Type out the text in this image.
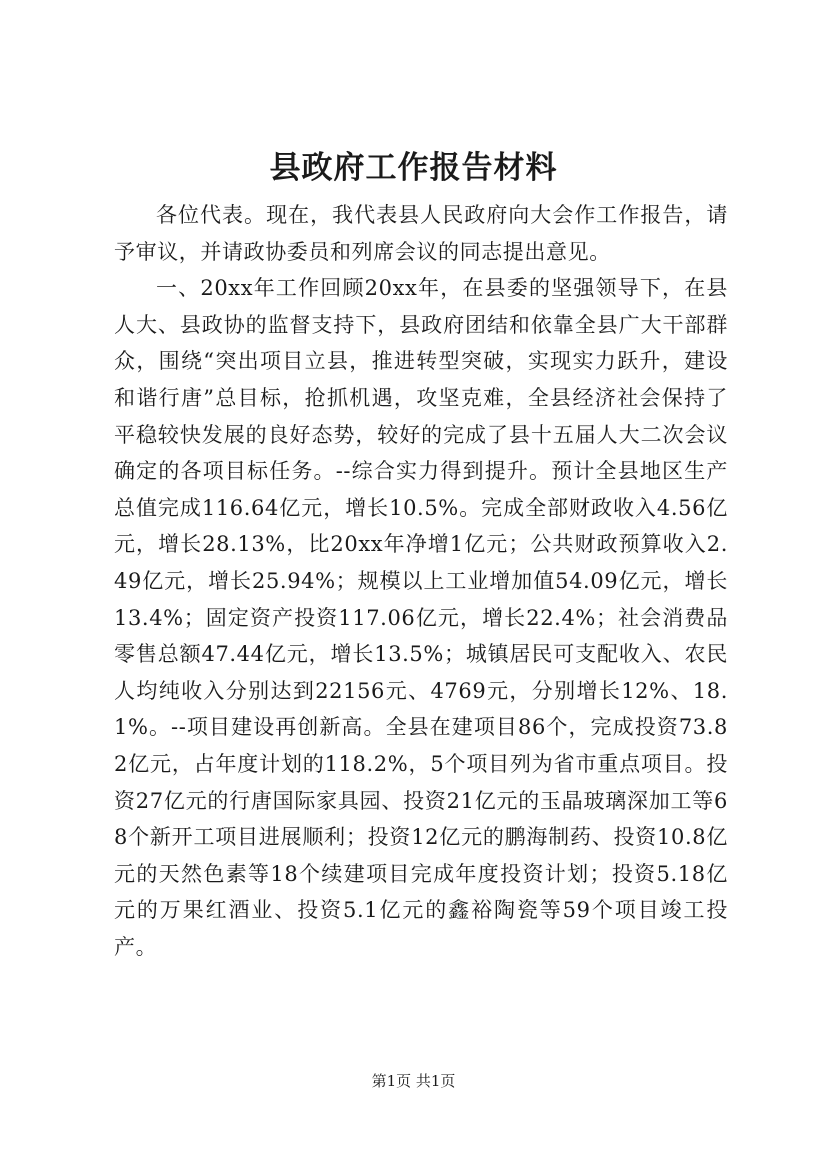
县政府工作报告材料

各位代表。现在，我代表县人民政府向大会作工作报告，请予审议，并请政协委员和列席会议的同志提出意见。

一、20xx年工作回顾20xx年，在县委的坚强领导下，在县人大、县政协的监督支持下，县政府团结和依靠全县广大干部群众，围绕“突出项目立县，推进转型突破，实现实力跃升，建设和谐行唐”总目标，抢抓机遇，攻坚克难，全县经济社会保持了平稳较快发展的良好态势，较好的完成了县十五届人大二次会议确定的各项目标任务。--综合实力得到提升。预计全县地区生产总值完成116.64亿元，增长10.5%。完成全部财政收入4.56亿元，增长28.13%，比20xx年净增1亿元；公共财政预算收入2.49亿元，增长25.94%；规模以上工业增加值54.09亿元，增长13.4%；固定资产投资117.06亿元，增长22.4%；社会消费品零售总额47.44亿元，增长13.5%；城镇居民可支配收入、农民人均纯收入分别达到22156元、4769元，分别增长12%、18.1%。--项目建设再创新高。全县在建项目86个，完成投资73.82亿元，占年度计划的118.2%，5个项目列为省市重点项目。投资27亿元的行唐国际家具园、投资21亿元的玉晶玻璃深加工等68个新开工项目进展顺利；投资12亿元的鹏海制药、投资10.8亿元的天然色素等18个续建项目完成年度投资计划；投资5.18亿元的万果红酒业、投资5.1亿元的鑫裕陶瓷等59个项目竣工投产。

第1页 共1页
